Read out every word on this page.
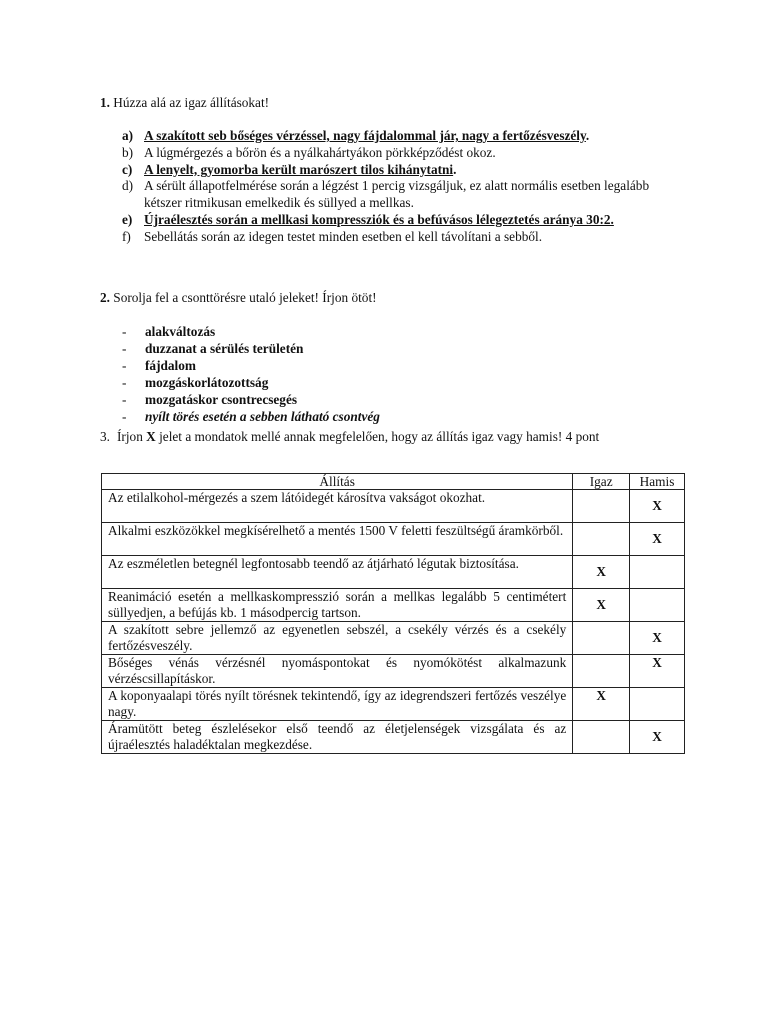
1. Húzza alá az igaz állításokat!
a) A szakított seb bőséges vérzéssel, nagy fájdalommal jár, nagy a fertőzésveszély.
b) A lúgmérgezés a bőrön és a nyálkahártyákon pörkképződést okoz.
c) A lenyelt, gyomorba került marószert tilos kihánytatni.
d) A sérült állapotfelmérése során a légzést 1 percig vizsgáljuk, ez alatt normális esetben legalább kétszer ritmikusan emelkedik és süllyed a mellkas.
e) Újraélesztés során a mellkasi kompressziók és a befúvásos lélegeztetés aránya 30:2.
f) Sebellátás során az idegen testet minden esetben el kell távolítani a sebből.
2. Sorolja fel a csonttörésre utaló jeleket! Írjon ötöt!
- alakváltozás
- duzzanat a sérülés területén
- fájdalom
- mozgáskorlátozottság
- mozgatáskor csontrecsegés
- nyílt törés esetén a sebben látható csontvég
3. Írjon X jelet a mondatok mellé annak megfelelően, hogy az állítás igaz vagy hamis! 4 pont
Állítás	Igaz	Hamis
Az etilalkohol-mérgezés a szem látóidegét károsítva vakságot okozhat.		X
Alkalmi eszközökkel megkísérelhető a mentés 1500 V feletti feszültségű áramkörből.		X
Az eszméletlen betegnél legfontosabb teendő az átjárható légutak biztosítása.	X	
Reanimáció esetén a mellkaskompresszió során a mellkas legalább 5 centimétert süllyedjen, a befújás kb. 1 másodpercig tartson.	X	
A szakított sebre jellemző az egyenetlen sebszél, a csekély vérzés és a csekély fertőzésveszély.		X
Bőséges vénás vérzésnél nyomáspontokat és nyomókötést alkalmazunk vérzéscsillapításkor.		X
A koponyaalapi törés nyílt törésnek tekintendő, így az idegrendszeri fertőzés veszélye nagy.	X	
Áramütött beteg észlelésekor első teendő az életjelenségek vizsgálata és az újraélesztés haladéktalan megkezdése.		X
